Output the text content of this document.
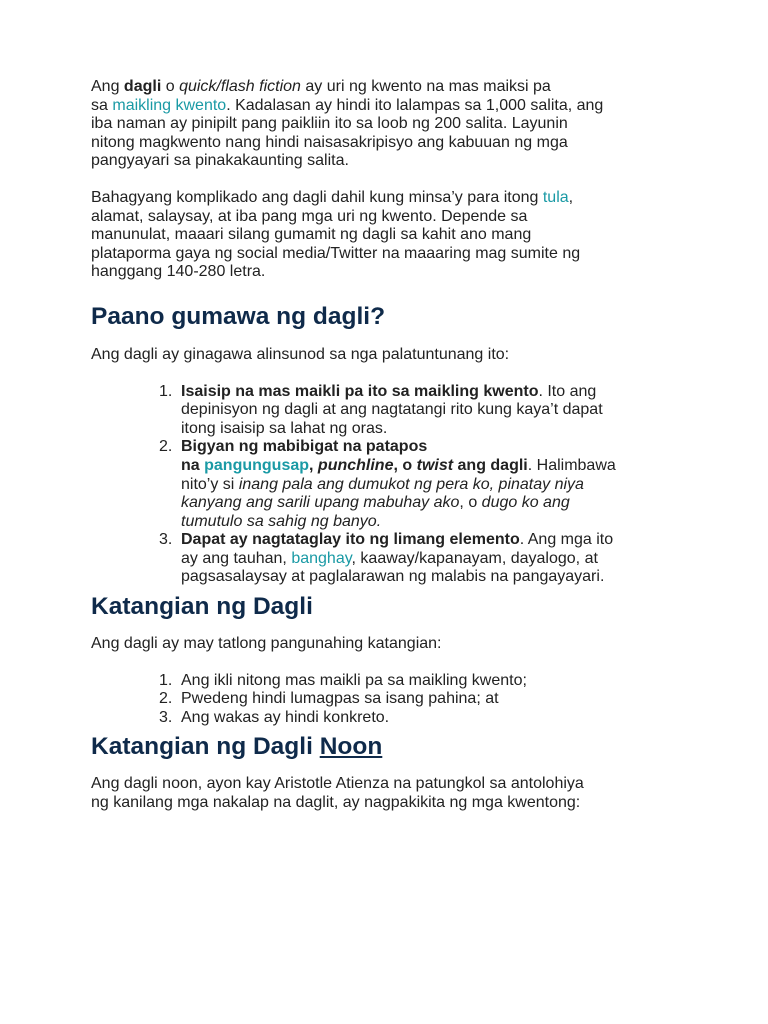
Ang dagli o quick/flash fiction ay uri ng kwento na mas maiksi pa
sa maikling kwento. Kadalasan ay hindi ito lalampas sa 1,000 salita, ang
iba naman ay pinipilt pang paikliin ito sa loob ng 200 salita. Layunin
nitong magkwento nang hindi naisasakripisyo ang kabuuan ng mga
pangyayari sa pinakakaunting salita.

Bahagyang komplikado ang dagli dahil kung minsa’y para itong tula,
alamat, salaysay, at iba pang mga uri ng kwento. Depende sa
manunulat, maaari silang gumamit ng dagli sa kahit ano mang
plataporma gaya ng social media/Twitter na maaaring mag sumite ng
hanggang 140-280 letra.

Paano gumawa ng dagli?

Ang dagli ay ginagawa alinsunod sa nga palatuntunang ito:

1. Isaisip na mas maikli pa ito sa maikling kwento. Ito ang
depinisyon ng dagli at ang nagtatangi rito kung kaya’t dapat
itong isaisip sa lahat ng oras.
2. Bigyan ng mabibigat na patapos
na pangungusap, punchline, o twist ang dagli. Halimbawa
nito’y si inang pala ang dumukot ng pera ko, pinatay niya
kanyang ang sarili upang mabuhay ako, o dugo ko ang
tumutulo sa sahig ng banyo.
3. Dapat ay nagtataglay ito ng limang elemento. Ang mga ito
ay ang tauhan, banghay, kaaway/kapanayam, dayalogo, at
pagsasalaysay at paglalarawan ng malabis na pangayayari.
Katangian ng Dagli

Ang dagli ay may tatlong pangunahing katangian:

1. Ang ikli nitong mas maikli pa sa maikling kwento;
2. Pwedeng hindi lumagpas sa isang pahina; at
3. Ang wakas ay hindi konkreto.
Katangian ng Dagli Noon

Ang dagli noon, ayon kay Aristotle Atienza na patungkol sa antolohiya
ng kanilang mga nakalap na daglit, ay nagpakikita ng mga kwentong:
